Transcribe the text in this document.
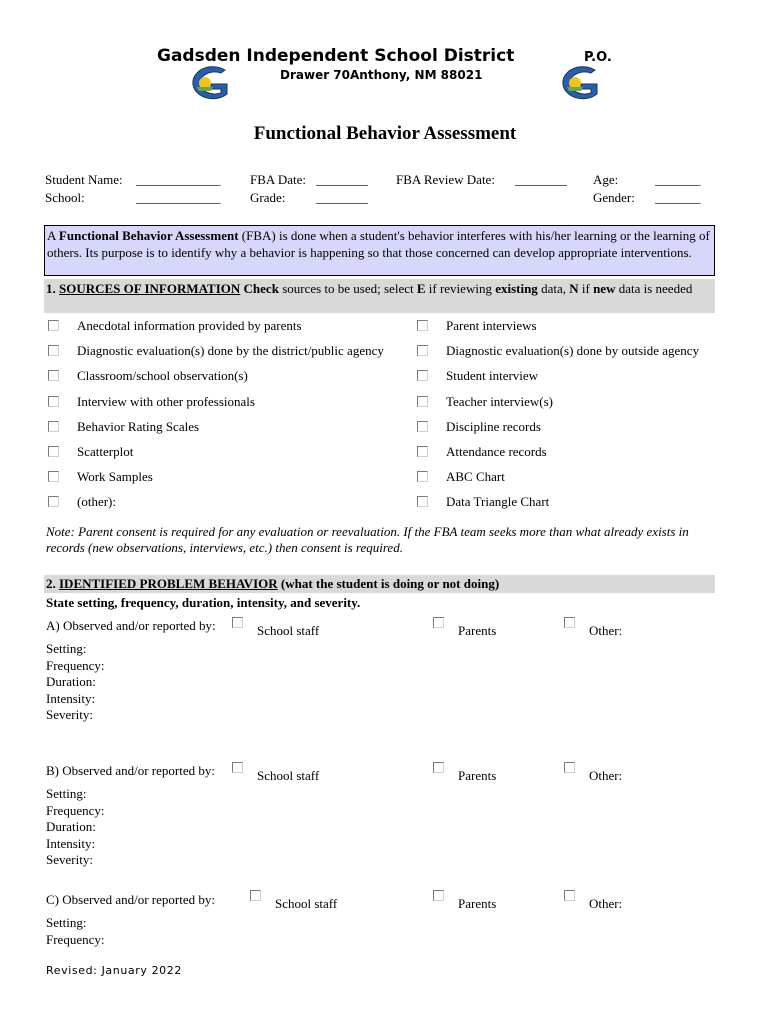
Gadsden Independent School District	P.O.
Drawer 70Anthony, NM 88021
Functional Behavior Assessment
Student Name: _____________ FBA Date: ________ FBA Review Date: ________ Age:	_______
School:	_____________ Grade: ________	Gender: _______
A Functional Behavior Assessment (FBA) is done when a student's behavior interferes with his/her learning or the learning of others. Its purpose is to identify why a behavior is happening so that those concerned can develop appropriate interventions.
1. SOURCES OF INFORMATION Check sources to be used; select E if reviewing existing data, N if new data is needed
Anecdotal information provided by parents
Diagnostic evaluation(s) done by the district/public agency
Classroom/school observation(s)
Interview with other professionals
Behavior Rating Scales
Scatterplot
Work Samples
(other):
Parent interviews
Diagnostic evaluation(s) done by outside agency
Student interview
Teacher interview(s)
Discipline records
Attendance records
ABC Chart
Data Triangle Chart
Note: Parent consent is required for any evaluation or reevaluation. If the FBA team seeks more than what already exists in records (new observations, interviews, etc.) then consent is required.
2. IDENTIFIED PROBLEM BEHAVIOR (what the student is doing or not doing)
State setting, frequency, duration, intensity, and severity.
A) Observed and/or reported by:	School staff	Parents	Other:
Setting:
Frequency:
Duration:
Intensity:
Severity:
B) Observed and/or reported by:	School staff	Parents	Other:
Setting:
Frequency:
Duration:
Intensity:
Severity:
C) Observed and/or reported by:	School staff	Parents	Other:
Setting:
Frequency:
Revised: January 2022
